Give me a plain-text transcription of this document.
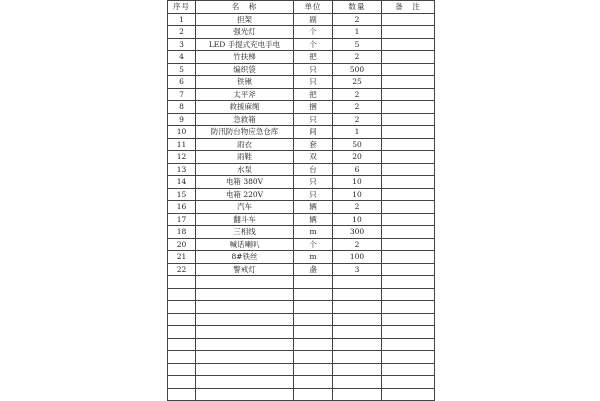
序号	名　称	单位	数量	备　注
1	担架	副	2	
2	强光灯	个	1	
3	LED 手提式充电手电	个	5	
4	竹扶梯	把	2	
5	编织袋	只	500	
6	铁锹	只	25	
7	太平斧	把	2	
8	救援麻绳	捆	2	
9	急救箱	只	2	
10	防汛防台物应急仓库	间	1	
11	雨衣	套	50	
12	雨鞋	双	20	
13	水泵	台	6	
14	电箱 380V	只	10	
15	电箱 220V	只	10	
16	汽车	辆	2	
17	翻斗车	辆	10	
18	三相线	m	300	
20	喊话喇叭	个	2	
21	8#铁丝	m	100	
22	警戒灯	盏	3	
